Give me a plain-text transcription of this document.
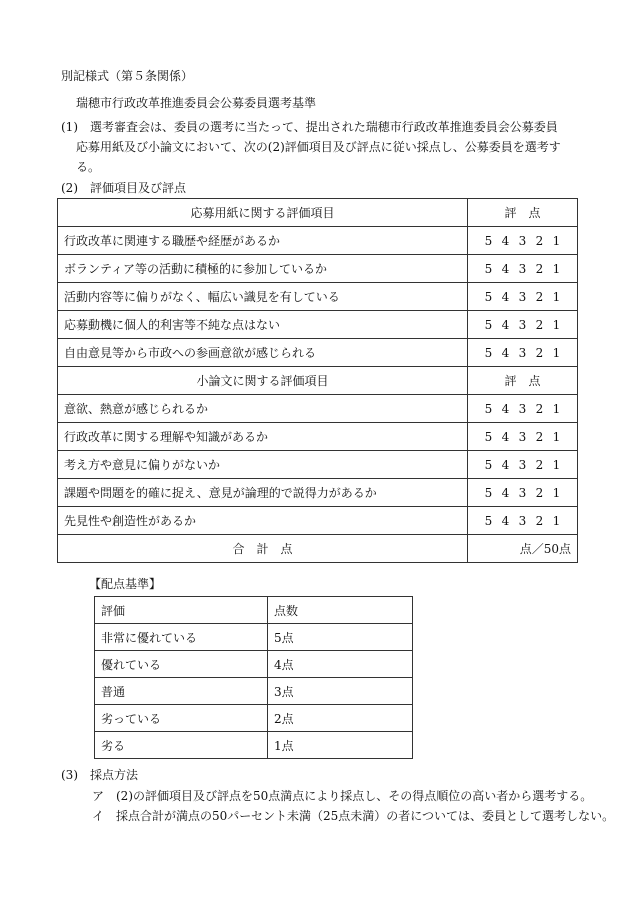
別記様式（第５条関係）
瑞穂市行政改革推進委員会公募委員選考基準
(1)　選考審査会は、委員の選考に当たって、提出された瑞穂市行政改革推進委員会公募委員
応募用紙及び小論文において、次の(2)評価項目及び評点に従い採点し、公募委員を選考す
る。
(2)　評価項目及び評点
応募用紙に関する評価項目	評　点
行政改革に関連する職歴や経歴があるか	5 4 3 2 1
ボランティア等の活動に積極的に参加しているか	5 4 3 2 1
活動内容等に偏りがなく、幅広い識見を有している	5 4 3 2 1
応募動機に個人的利害等不純な点はない	5 4 3 2 1
自由意見等から市政への参画意欲が感じられる	5 4 3 2 1
小論文に関する評価項目	評　点
意欲、熱意が感じられるか	5 4 3 2 1
行政改革に関する理解や知識があるか	5 4 3 2 1
考え方や意見に偏りがないか	5 4 3 2 1
課題や問題を的確に捉え、意見が論理的で説得力があるか	5 4 3 2 1
先見性や創造性があるか	5 4 3 2 1
合　計　点	点／50点
【配点基準】
評価	点数
非常に優れている	5点
優れている	4点
普通	3点
劣っている	2点
劣る	1点
(3)　採点方法
ア　(2)の評価項目及び評点を50点満点により採点し、その得点順位の高い者から選考する。
イ　採点合計が満点の50パーセント未満（25点未満）の者については、委員として選考しない。
